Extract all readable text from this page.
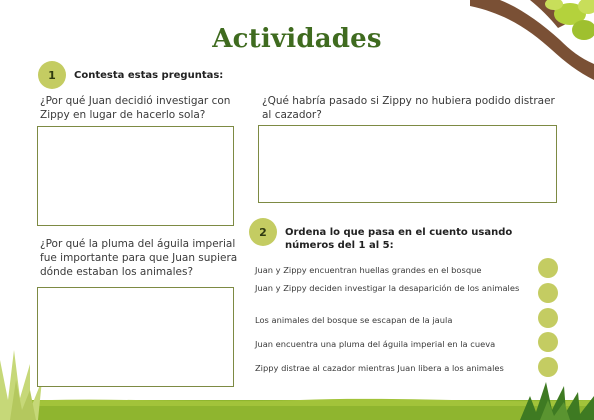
Actividades
1	Contesta estas preguntas:
¿Por qué Juan decidió investigar con Zippy en lugar de hacerlo sola?
¿Qué habría pasado si Zippy no hubiera podido distraer al cazador?
¿Por qué la pluma del águila imperial fue importante para que Juan supiera dónde estaban los animales?
2	Ordena lo que pasa en el cuento usando números del 1 al 5:
Juan y Zippy encuentran huellas grandes en el bosque
Juan y Zippy deciden investigar la desaparición de los animales
Los animales del bosque se escapan de la jaula
Juan encuentra una pluma del águila imperial en la cueva
Zippy distrae al cazador mientras Juan libera a los animales
